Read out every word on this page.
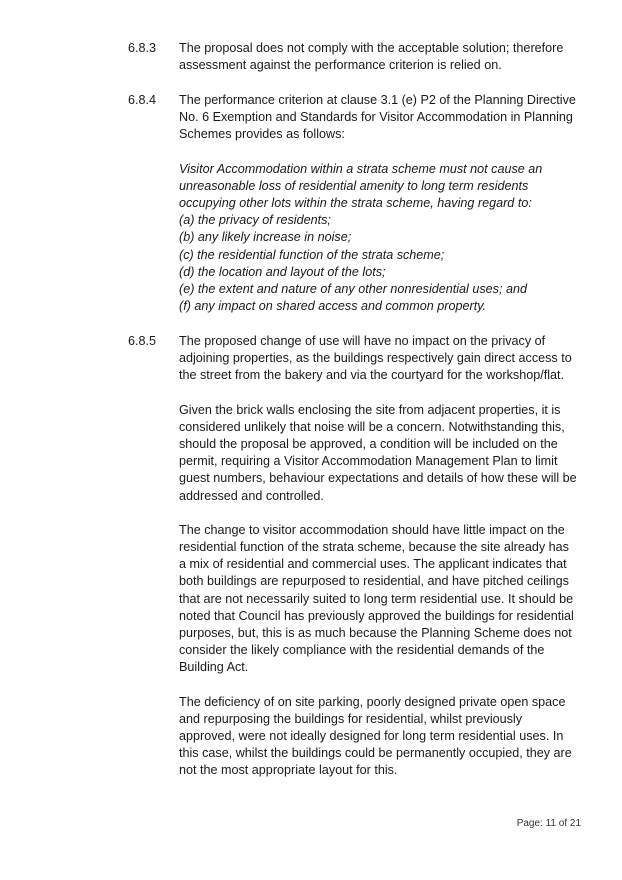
6.8.3	The proposal does not comply with the acceptable solution; therefore assessment against the performance criterion is relied on.

6.8.4	The performance criterion at clause 3.1 (e) P2 of the Planning Directive No. 6 Exemption and Standards for Visitor Accommodation in Planning Schemes provides as follows:

Visitor Accommodation within a strata scheme must not cause an unreasonable loss of residential amenity to long term residents occupying other lots within the strata scheme, having regard to:

(a) the privacy of residents;
(b) any likely increase in noise;
(c) the residential function of the strata scheme;
(d) the location and layout of the lots;
(e) the extent and nature of any other nonresidential uses; and
(f) any impact on shared access and common property.
6.8.5	The proposed change of use will have no impact on the privacy of adjoining properties, as the buildings respectively gain direct access to the street from the bakery and via the courtyard for the workshop/flat.

Given the brick walls enclosing the site from adjacent properties, it is considered unlikely that noise will be a concern. Notwithstanding this, should the proposal be approved, a condition will be included on the permit, requiring a Visitor Accommodation Management Plan to limit guest numbers, behaviour expectations and details of how these will be addressed and controlled.

The change to visitor accommodation should have little impact on the residential function of the strata scheme, because the site already has a mix of residential and commercial uses. The applicant indicates that both buildings are repurposed to residential, and have pitched ceilings that are not necessarily suited to long term residential use. It should be noted that Council has previously approved the buildings for residential purposes, but, this is as much because the Planning Scheme does not consider the likely compliance with the residential demands of the Building Act.

The deficiency of on site parking, poorly designed private open space and repurposing the buildings for residential, whilst previously approved, were not ideally designed for long term residential uses. In this case, whilst the buildings could be permanently occupied, they are not the most appropriate layout for this.

Page: 11 of 21
